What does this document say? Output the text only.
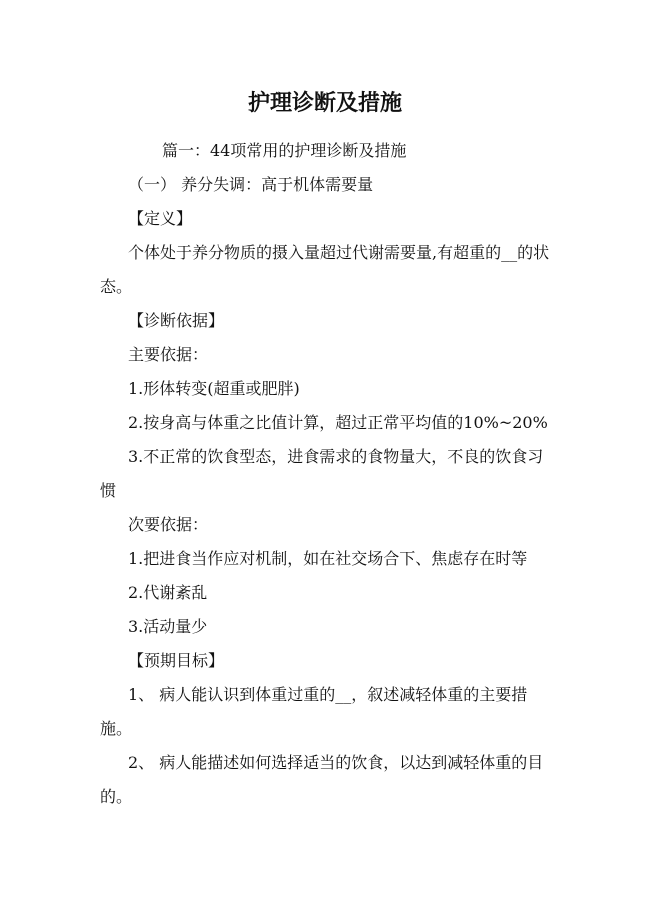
护理诊断及措施

篇一：44项常用的护理诊断及措施

（一） 养分失调：高于机体需要量

【定义】

个体处于养分物质的摄入量超过代谢需要量,有超重的__的状态。

【诊断依据】

主要依据：

1.形体转变(超重或肥胖)

2.按身高与体重之比值计算，超过正常平均值的10%~20%

3.不正常的饮食型态，进食需求的食物量大，不良的饮食习惯

次要依据：

1.把进食当作应对机制，如在社交场合下、焦虑存在时等

2.代谢紊乱

3.活动量少

【预期目标】

1、 病人能认识到体重过重的__，叙述减轻体重的主要措施。

2、 病人能描述如何选择适当的饮食，以达到减轻体重的目的。
